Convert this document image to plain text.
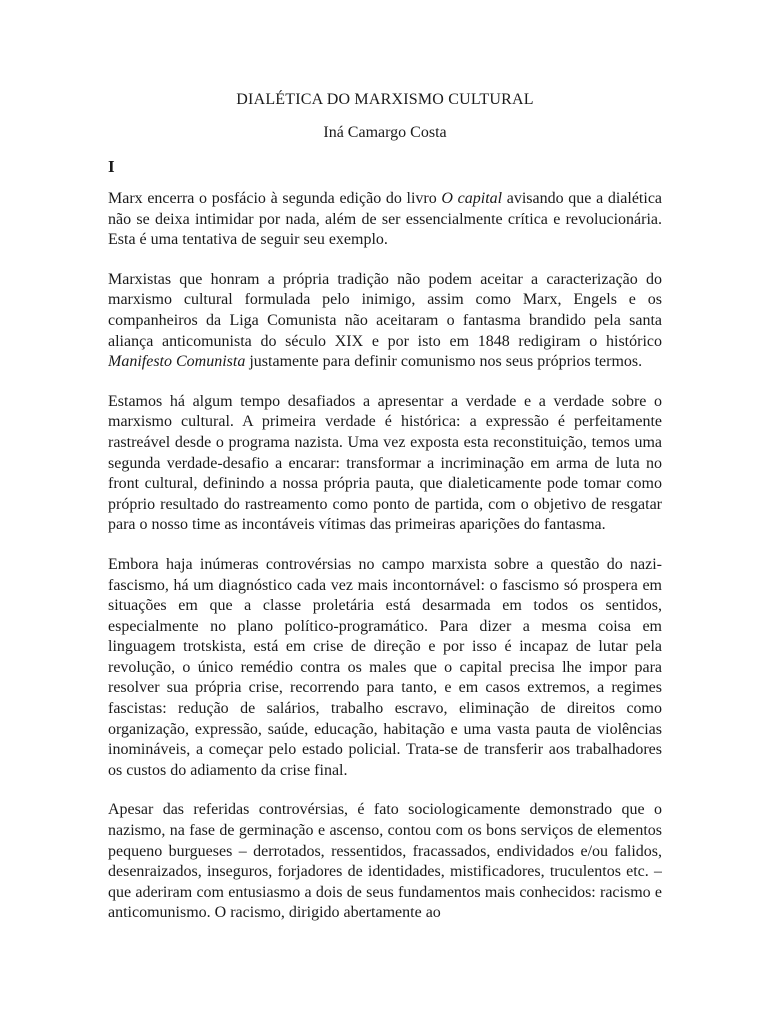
DIALÉTICA DO MARXISMO CULTURAL

Iná Camargo Costa

I

Marx encerra o posfácio à segunda edição do livro O capital avisando que a dialética não se deixa intimidar por nada, além de ser essencialmente crítica e revolucionária. Esta é uma tentativa de seguir seu exemplo.

Marxistas que honram a própria tradição não podem aceitar a caracterização do marxismo cultural formulada pelo inimigo, assim como Marx, Engels e os companheiros da Liga Comunista não aceitaram o fantasma brandido pela santa aliança anticomunista do século XIX e por isto em 1848 redigiram o histórico Manifesto Comunista justamente para definir comunismo nos seus próprios termos.

Estamos há algum tempo desafiados a apresentar a verdade e a verdade sobre o marxismo cultural. A primeira verdade é histórica: a expressão é perfeitamente rastreável desde o programa nazista. Uma vez exposta esta reconstituição, temos uma segunda verdade-desafio a encarar: transformar a incriminação em arma de luta no front cultural, definindo a nossa própria pauta, que dialeticamente pode tomar como próprio resultado do rastreamento como ponto de partida, com o objetivo de resgatar para o nosso time as incontáveis vítimas das primeiras aparições do fantasma.

Embora haja inúmeras controvérsias no campo marxista sobre a questão do nazi-fascismo, há um diagnóstico cada vez mais incontornável: o fascismo só prospera em situações em que a classe proletária está desarmada em todos os sentidos, especialmente no plano político-programático. Para dizer a mesma coisa em linguagem trotskista, está em crise de direção e por isso é incapaz de lutar pela revolução, o único remédio contra os males que o capital precisa lhe impor para resolver sua própria crise, recorrendo para tanto, e em casos extremos, a regimes fascistas: redução de salários, trabalho escravo, eliminação de direitos como organização, expressão, saúde, educação, habitação e uma vasta pauta de violências inomináveis, a começar pelo estado policial. Trata-se de transferir aos trabalhadores os custos do adiamento da crise final.

Apesar das referidas controvérsias, é fato sociologicamente demonstrado que o nazismo, na fase de germinação e ascenso, contou com os bons serviços de elementos pequeno burgueses – derrotados, ressentidos, fracassados, endividados e/ou falidos, desenraizados, inseguros, forjadores de identidades, mistificadores, truculentos etc. – que aderiram com entusiasmo a dois de seus fundamentos mais conhecidos: racismo e anticomunismo. O racismo, dirigido abertamente ao
